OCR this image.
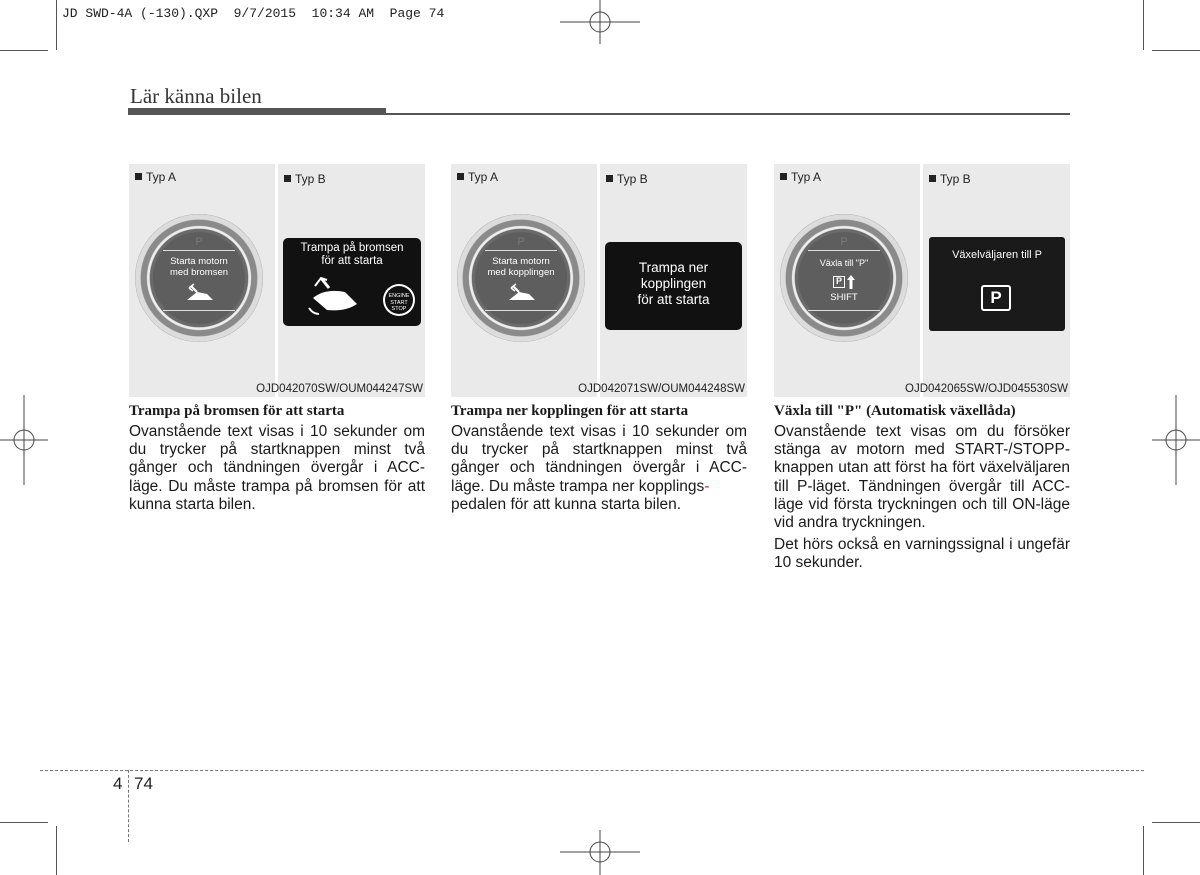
JD SWD-4A (-130).QXP  9/7/2015  10:34 AM  Page 74
Lär känna bilen
Typ A
P
Starta motorn
med bromsen
Typ B
Trampa på bromsen
för att starta
ENGINE
START
STOP
OJD042070SW/OUM044247SW
Trampa på bromsen för att starta

Ovanstående text visas i 10 sekunder om du trycker på startknappen minst två gånger och tändningen övergår i ACC-läge. Du måste trampa på bromsen för att kunna starta bilen.

Typ A
P
Starta motorn
med kopplingen
Typ B
Trampa ner
kopplingen
för att starta
OJD042071SW/OUM044248SW
Trampa ner kopplingen för att starta

Ovanstående text visas i 10 sekunder om du trycker på startknappen minst två gånger och tändningen övergår i ACC-läge. Du måste trampa ner kopplings-
pedalen för att kunna starta bilen.

Typ A
P
Växla till "P"
P
SHIFT
Typ B
Växelväljaren till P
P
OJD042065SW/OJD045530SW
Växla till "P" (Automatisk växellåda)

Ovanstående text visas om du försöker stänga av motorn med START-/STOPP-knappen utan att först ha fört växelväljaren till P-läget. Tändningen övergår till ACC-läge vid första tryckningen och till ON-läge vid andra tryckningen.

Det hörs också en varningssignal i ungefär 10 sekunder.

4 74
